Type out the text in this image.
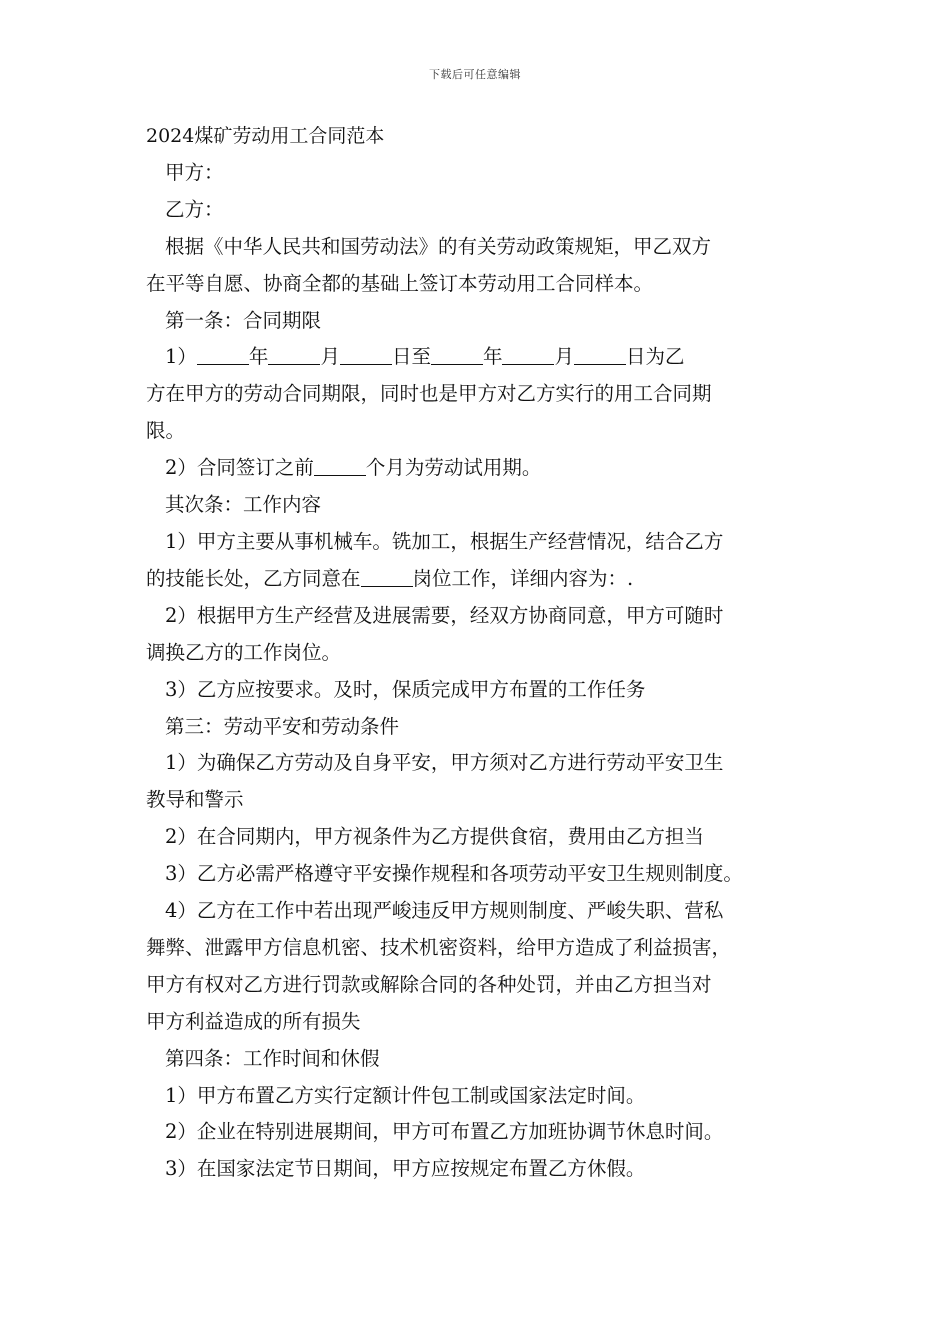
下载后可任意编辑

2024煤矿劳动用工合同范本

甲方：

乙方：

根据《中华人民共和国劳动法》的有关劳动政策规矩，甲乙双方

在平等自愿、协商全都的基础上签订本劳动用工合同样本。

第一条：合同期限

1）	年	月	日至	年	月	日为乙

方在甲方的劳动合同期限，同时也是甲方对乙方实行的用工合同期

限。

2）合同签订之前	个月为劳动试用期。

其次条：工作内容

1）甲方主要从事机械车。铣加工，根据生产经营情况，结合乙方

的技能长处，乙方同意在	岗位工作，详细内容为：.

2）根据甲方生产经营及进展需要，经双方协商同意，甲方可随时

调换乙方的工作岗位。

3）乙方应按要求。及时，保质完成甲方布置的工作任务

第三：劳动平安和劳动条件

1）为确保乙方劳动及自身平安，甲方须对乙方进行劳动平安卫生

教导和警示

2）在合同期内，甲方视条件为乙方提供食宿，费用由乙方担当

3）乙方必需严格遵守平安操作规程和各项劳动平安卫生规则制度。

4）乙方在工作中若出现严峻违反甲方规则制度、严峻失职、营私

舞弊、泄露甲方信息机密、技术机密资料，给甲方造成了利益损害，

甲方有权对乙方进行罚款或解除合同的各种处罚，并由乙方担当对

甲方利益造成的所有损失

第四条：工作时间和休假

1）甲方布置乙方实行定额计件包工制或国家法定时间。

2）企业在特别进展期间，甲方可布置乙方加班协调节休息时间。

3）在国家法定节日期间，甲方应按规定布置乙方休假。
